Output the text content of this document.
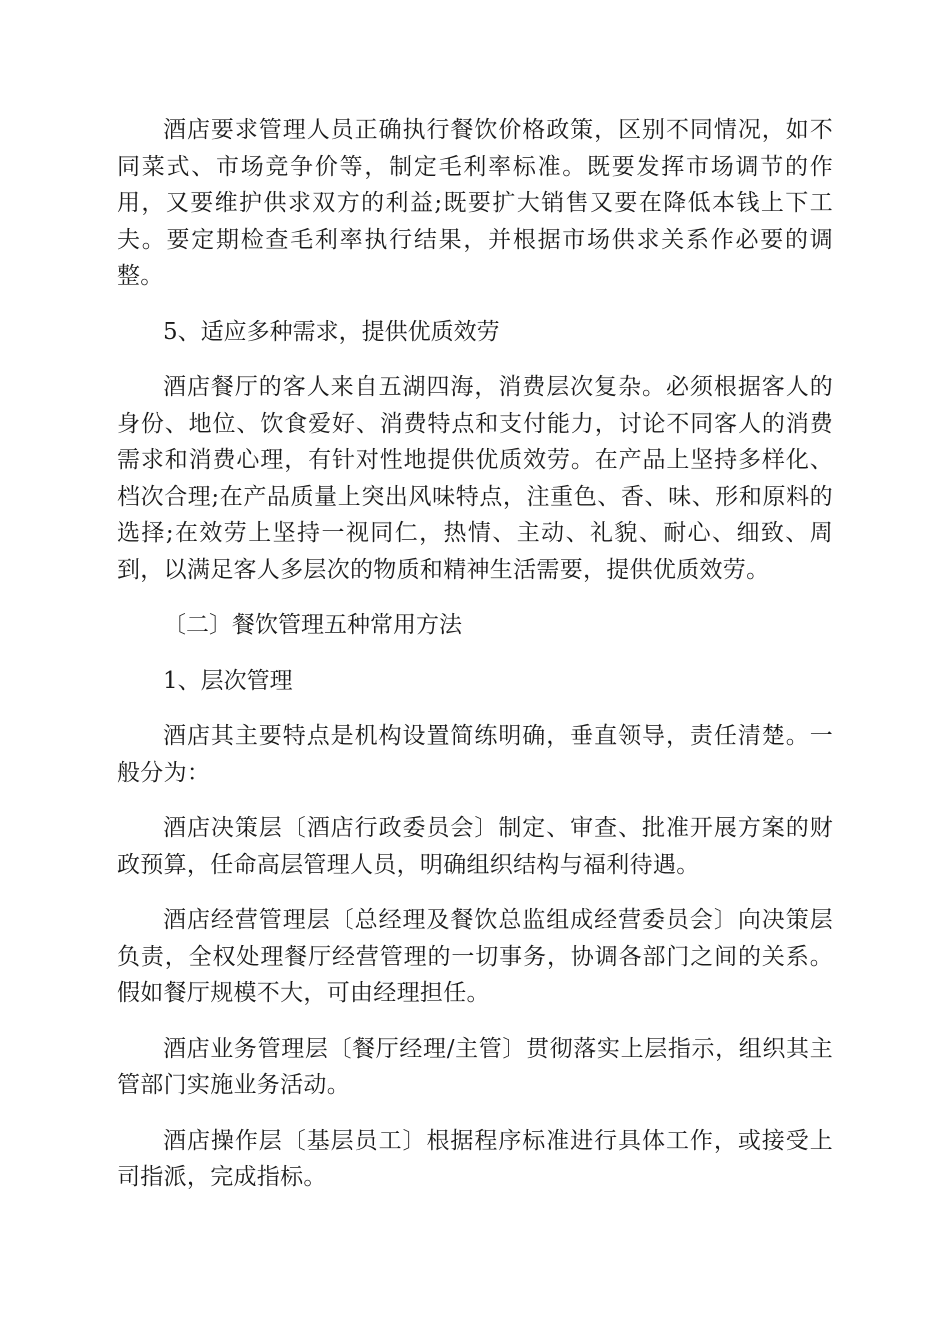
酒店要求管理人员正确执行餐饮价格政策，区别不同情况，如不同菜式、市场竞争价等，制定毛利率标准。既要发挥市场调节的作用，又要维护供求双方的利益;既要扩大销售又要在降低本钱上下工夫。要定期检查毛利率执行结果，并根据市场供求关系作必要的调整。

5、适应多种需求，提供优质效劳

酒店餐厅的客人来自五湖四海，消费层次复杂。必须根据客人的身份、地位、饮食爱好、消费特点和支付能力，讨论不同客人的消费需求和消费心理，有针对性地提供优质效劳。在产品上坚持多样化、档次合理;在产品质量上突出风味特点，注重色、香、味、形和原料的选择;在效劳上坚持一视同仁，热情、主动、礼貌、耐心、细致、周到，以满足客人多层次的物质和精神生活需要，提供优质效劳。

〔二〕餐饮管理五种常用方法

1、层次管理

酒店其主要特点是机构设置简练明确，垂直领导，责任清楚。一般分为：

酒店决策层〔酒店行政委员会〕制定、审查、批准开展方案的财政预算，任命高层管理人员，明确组织结构与福利待遇。

酒店经营管理层〔总经理及餐饮总监组成经营委员会〕向决策层负责，全权处理餐厅经营管理的一切事务，协调各部门之间的关系。假如餐厅规模不大，可由经理担任。

酒店业务管理层〔餐厅经理/主管〕贯彻落实上层指示，组织其主管部门实施业务活动。

酒店操作层〔基层员工〕根据程序标准进行具体工作，或接受上司指派，完成指标。
